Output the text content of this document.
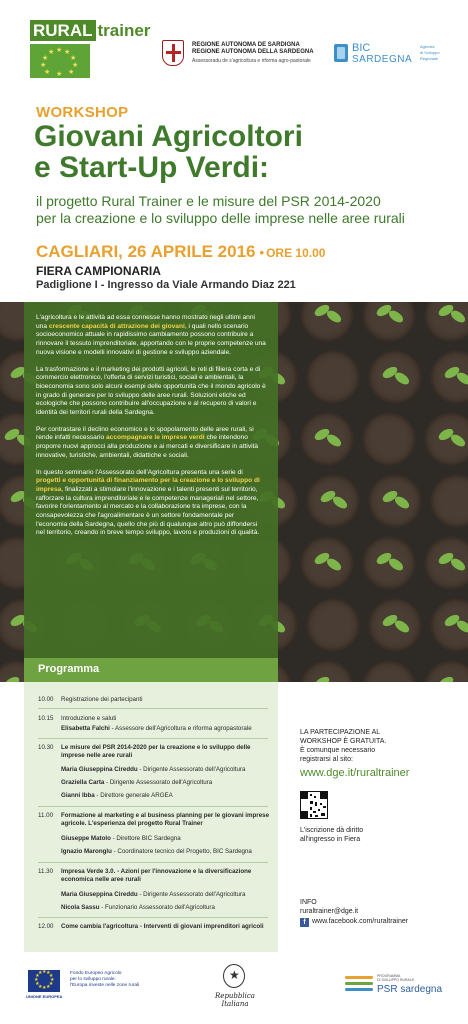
RURAL trainer
★ ★
★
★
★
★
★
★
★ ★
REGIONE AUTONOMA DE SARDIGNA
REGIONE AUTONOMA DELLA SARDEGNA
Assessoradu de s'agricoltura e riforma agro-pastorale
BIC
SARDEGNA
Agenzia
di Sviluppo
Regionale
WORKSHOP
Giovani Agricoltori
e Start-Up Verdi:
il progetto Rural Trainer e le misure del PSR 2014-2020
per la creazione e lo sviluppo delle imprese nelle aree rurali
CAGLIARI, 26 APRILE 2016 • ORE 10.00
FIERA CAMPIONARIA
Padiglione I - Ingresso da Viale Armando Diaz 221

L'agricoltura e le attività ad essa connesse hanno mostrato negli ultimi anni una crescente capacità di attrazione dei giovani, i quali nello scenario socioeconomico attuale in rapidissimo cambiamento possono contribuire a rinnovare il tessuto imprenditoriale, apportando con le proprie competenze una nuova visione e modelli innovativi di gestione e sviluppo aziendale.

La trasformazione e il marketing dei prodotti agricoli, le reti di filiera corta e di commercio elettronico, l'offerta di servizi turistici, sociali e ambientali, la bioeconomia sono solo alcuni esempi delle opportunità che il mondo agricolo è in grado di generare per lo sviluppo delle aree rurali. Soluzioni etiche ed ecologiche che possono contribuire all'occupazione e al recupero di valori e identità dei territori rurali della Sardegna.

Per contrastare il declino economico e lo spopolamento delle aree rurali, si rende infatti necessario accompagnare le imprese verdi che intendono proporre nuovi approcci alla produzione e ai mercati e diversificare in attività innovative, turistiche, ambientali, didattiche e sociali.

In questo seminario l'Assessorato dell'Agricoltura presenta una serie di progetti e opportunità di finanziamento per la creazione e lo sviluppo di impresa, finalizzati a stimolare l'innovazione e i talenti presenti sul territorio, rafforzare la cultura imprenditoriale e le competenze manageriali nel settore, favorire l'orientamento al mercato e la collaborazione tra imprese, con la consapevolezza che l'agroalimentare è un settore fondamentale per l'economia della Sardegna, quello che più di qualunque altro può diffondersi nel territorio, creando in breve tempo sviluppo, lavoro e produzioni di qualità.

Programma
10.00	Registrazione dei partecipanti
10.15	Introduzione e saluti
Elisabetta Falchi - Assessore dell'Agricoltura e riforma agropastorale
10.30	Le misure del PSR 2014-2020 per la creazione e lo sviluppo delle imprese nelle aree rurali
Maria Giuseppina Cireddu - Dirigente Assessorato dell'Agricoltura
Graziella Carta - Dirigente Assessorato dell'Agricoltura
Gianni Ibba - Direttore generale ARGEA
11.00	Formazione al marketing e al business planning per le giovani imprese agricole. L'esperienza del progetto Rural Trainer
Giuseppe Matolo - Direttore BIC Sardegna
Ignazio Maronglu - Coordinatore tecnico del Progetto, BIC Sardegna
11.30	Impresa Verde 3.0. - Azioni per l'innovazione e la diversificazione economica nelle aree rurali
Maria Giuseppina Cireddu - Dirigente Assessorato dell'Agricoltura
Nicola Sassu - Funzionario Assessorato dell'Agricoltura
12.00	Come cambia l'agricoltura - Interventi di giovani imprenditori agricoli
LA PARTECIPAZIONE AL
WORKSHOP È GRATUITA.
È comunque necessario
registrarsi al sito:
www.dge.it/ruraltrainer
L'iscrizione dà diritto
all'ingresso in Fiera
INFO
ruraltrainer@dge.it
f www.facebook.com/ruraltrainer
★
★
★
★
★
★
★
★
★ ★ ★
★
UNIONE EUROPEA
Fondo Europeo Agricolo
per lo sviluppo rurale:
l'Europa investe nelle zone rurali
★
Repubblica Italiana
PROGRAMMA
DI SVILUPPO RURALE
PSR sardegna
